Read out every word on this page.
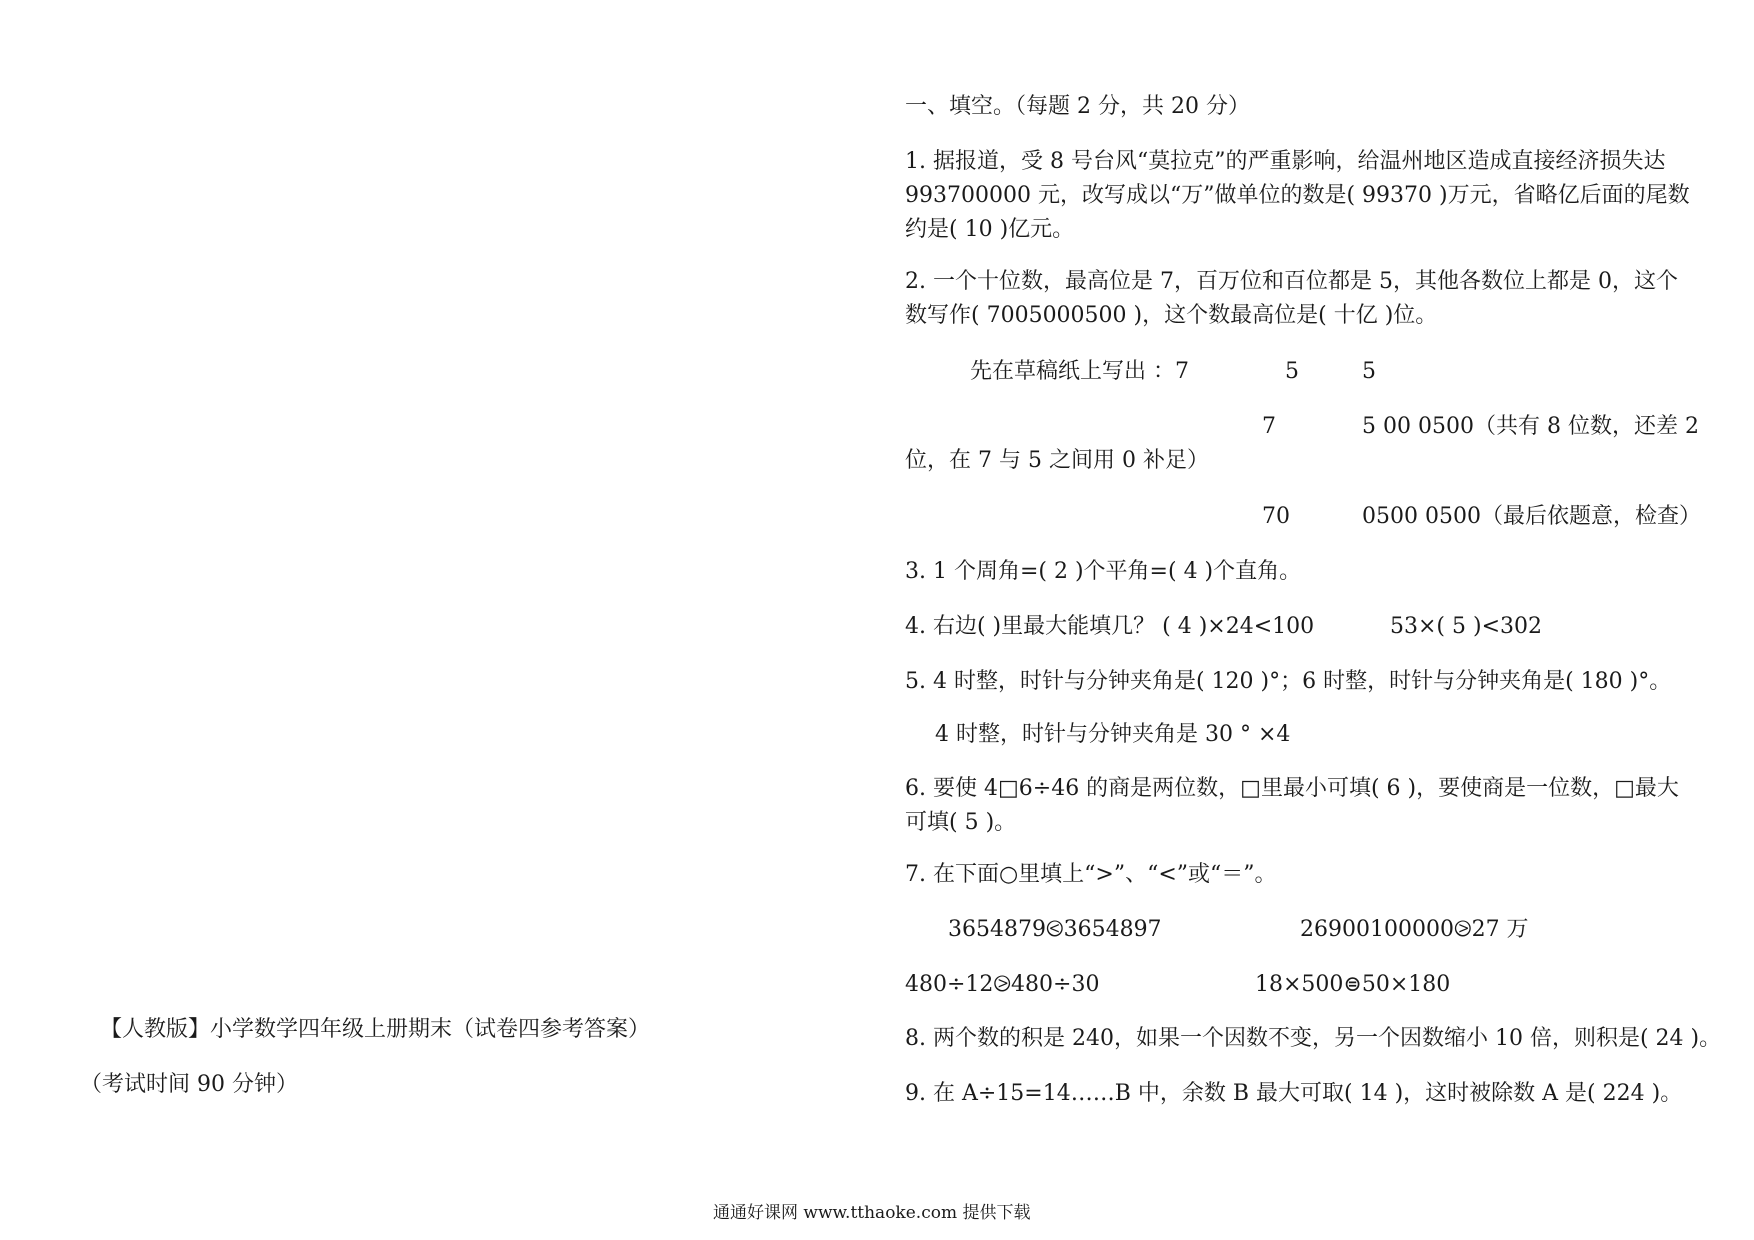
【人教版】小学数学四年级上册期末（试卷四参考答案）
（考试时间 90 分钟）
一、填空。（每题 2 分，共 20 分）
1. 据报道，受 8 号台风“莫拉克”的严重影响，给温州地区造成直接经济损失达 993700000 元，改写成以“万”做单位的数是( 99370 )万元，省略亿后面的尾数约是( 10 )亿元。
2. 一个十位数，最高位是 7，百万位和百位都是 5，其他各数位上都是 0，这个数写作( 7005000500 )，这个数最高位是( 十亿 )位。
先在草稿纸上写出 ：7	5	5
7	5 00 0500（共有 8 位数，还差 2
位，在 7 与 5 之间用 0 补足）
70	0500 0500（最后依题意，检查）
3. 1 个周角=( 2 )个平角=( 4 )个直角。
4. 右边( )里最大能填几？ ( 4 )×24<100	53×( 5 )<302
5. 4 时整，时针与分钟夹角是( 120 )°；6 时整，时针与分钟夹角是( 180 )°。
4 时整，时针与分钟夹角是 30 ° ×4
6. 要使 4□6÷46 的商是两位数，□里最小可填( 6 )，要使商是一位数，□最大可填( 5 )。
7. 在下面○里填上“>”、“<”或“＝”。
3654879⧀3654897	26900100000⧁27 万
480÷12⧁480÷30	18×500⊜50×180
8. 两个数的积是 240，如果一个因数不变，另一个因数缩小 10 倍，则积是( 24 )。
9. 在 A÷15=14……B 中，余数 B 最大可取( 14 )，这时被除数 A 是( 224 )。
通通好课网 www.tthaoke.com 提供下载
